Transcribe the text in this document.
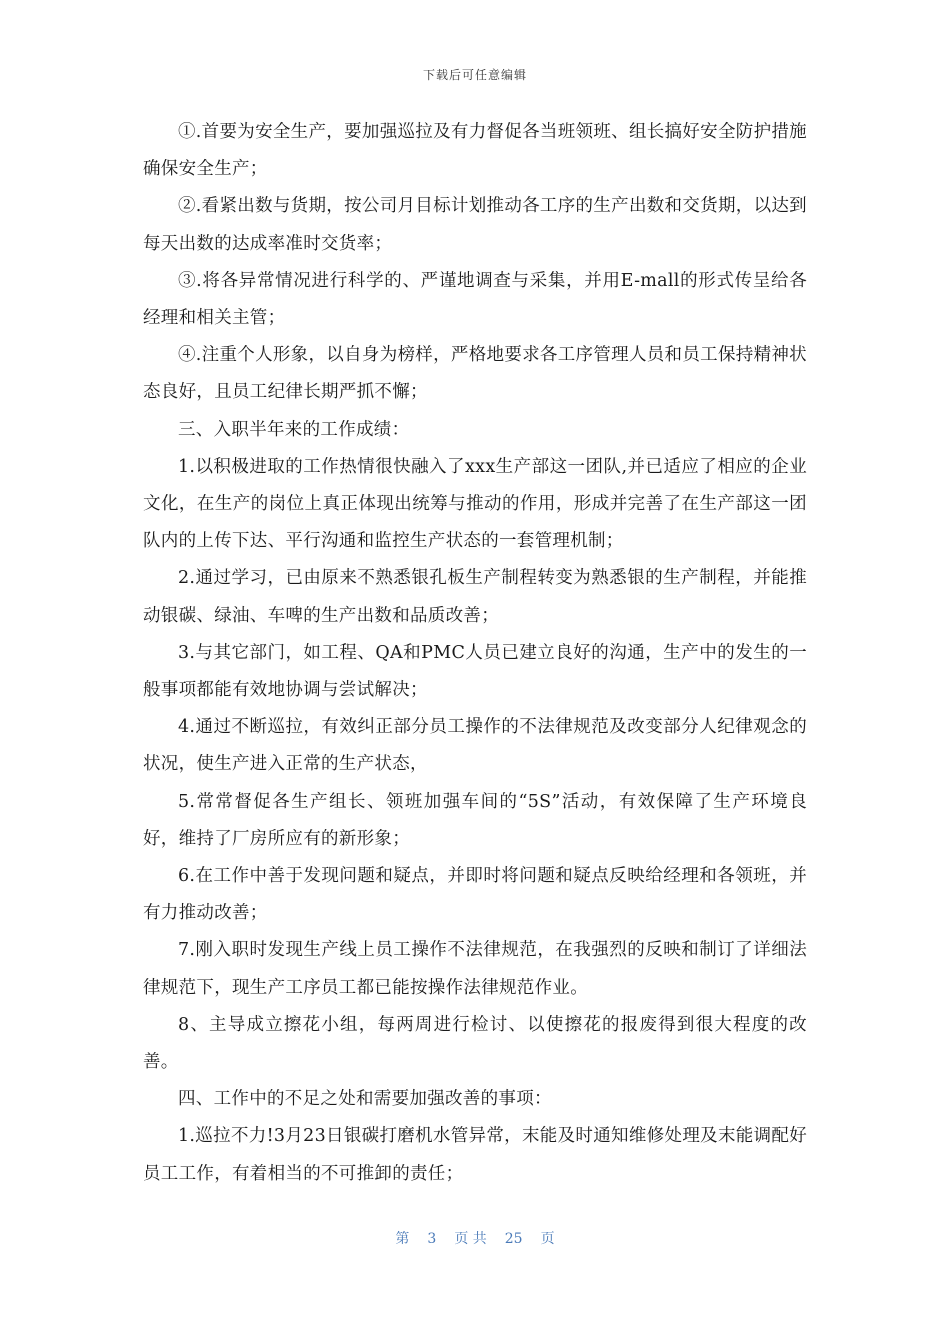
下载后可任意编辑

①.首要为安全生产，要加强巡拉及有力督促各当班领班、组长搞好安全防护措施确保安全生产；

②.看紧出数与货期，按公司月目标计划推动各工序的生产出数和交货期，以达到每天出数的达成率准时交货率；

③.将各异常情况进行科学的、严谨地调查与采集，并用E-mall的形式传呈给各经理和相关主管；

④.注重个人形象，以自身为榜样，严格地要求各工序管理人员和员工保持精神状态良好，且员工纪律长期严抓不懈；

三、入职半年来的工作成绩：

1.以积极进取的工作热情很快融入了xxx生产部这一团队,并已适应了相应的企业文化，在生产的岗位上真正体现出统筹与推动的作用，形成并完善了在生产部这一团队内的上传下达、平行沟通和监控生产状态的一套管理机制；

2.通过学习，已由原来不熟悉银孔板生产制程转变为熟悉银的生产制程，并能推动银碳、绿油、车啤的生产出数和品质改善；

3.与其它部门，如工程、QA和PMC人员已建立良好的沟通，生产中的发生的一般事项都能有效地协调与尝试解决；

4.通过不断巡拉，有效纠正部分员工操作的不法律规范及改变部分人纪律观念的状况，使生产进入正常的生产状态，

5.常常督促各生产组长、领班加强车间的“5S”活动，有效保障了生产环境良好，维持了厂房所应有的新形象；

6.在工作中善于发现问题和疑点，并即时将问题和疑点反映给经理和各领班，并有力推动改善；

7.刚入职时发现生产线上员工操作不法律规范，在我强烈的反映和制订了详细法律规范下，现生产工序员工都已能按操作法律规范作业。

8、主导成立擦花小组，每两周进行检讨、以使擦花的报废得到很大程度的改善。

四、工作中的不足之处和需要加强改善的事项：

1.巡拉不力!3月23日银碳打磨机水管异常，末能及时通知维修处理及末能调配好员工工作，有着相当的不可推卸的责任；

第 3 页 共 25 页
